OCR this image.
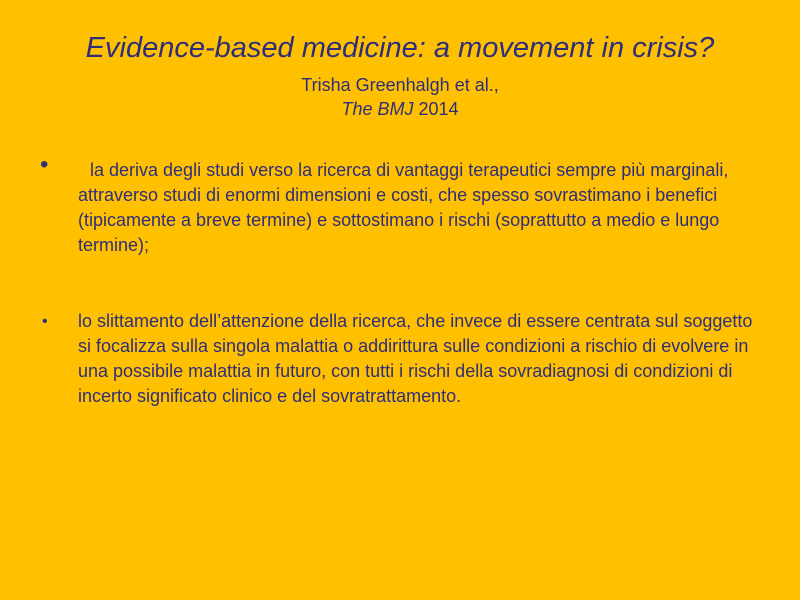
Evidence-based medicine: a movement in crisis?
Trisha Greenhalgh et al.,
The BMJ 2014
•	la deriva degli studi verso la ricerca di vantaggi terapeutici sempre più marginali, attraverso studi di enormi dimensioni e costi, che spesso sovrastimano i benefici (tipicamente a breve termine) e sottostimano i rischi (soprattutto a medio e lungo termine);
• lo slittamento dell’attenzione della ricerca, che invece di essere centrata sul soggetto si focalizza sulla singola malattia o addirittura sulle condizioni a rischio di evolvere in una possibile malattia in futuro, con tutti i rischi della sovradiagnosi di condizioni di incerto significato clinico e del sovratrattamento.
